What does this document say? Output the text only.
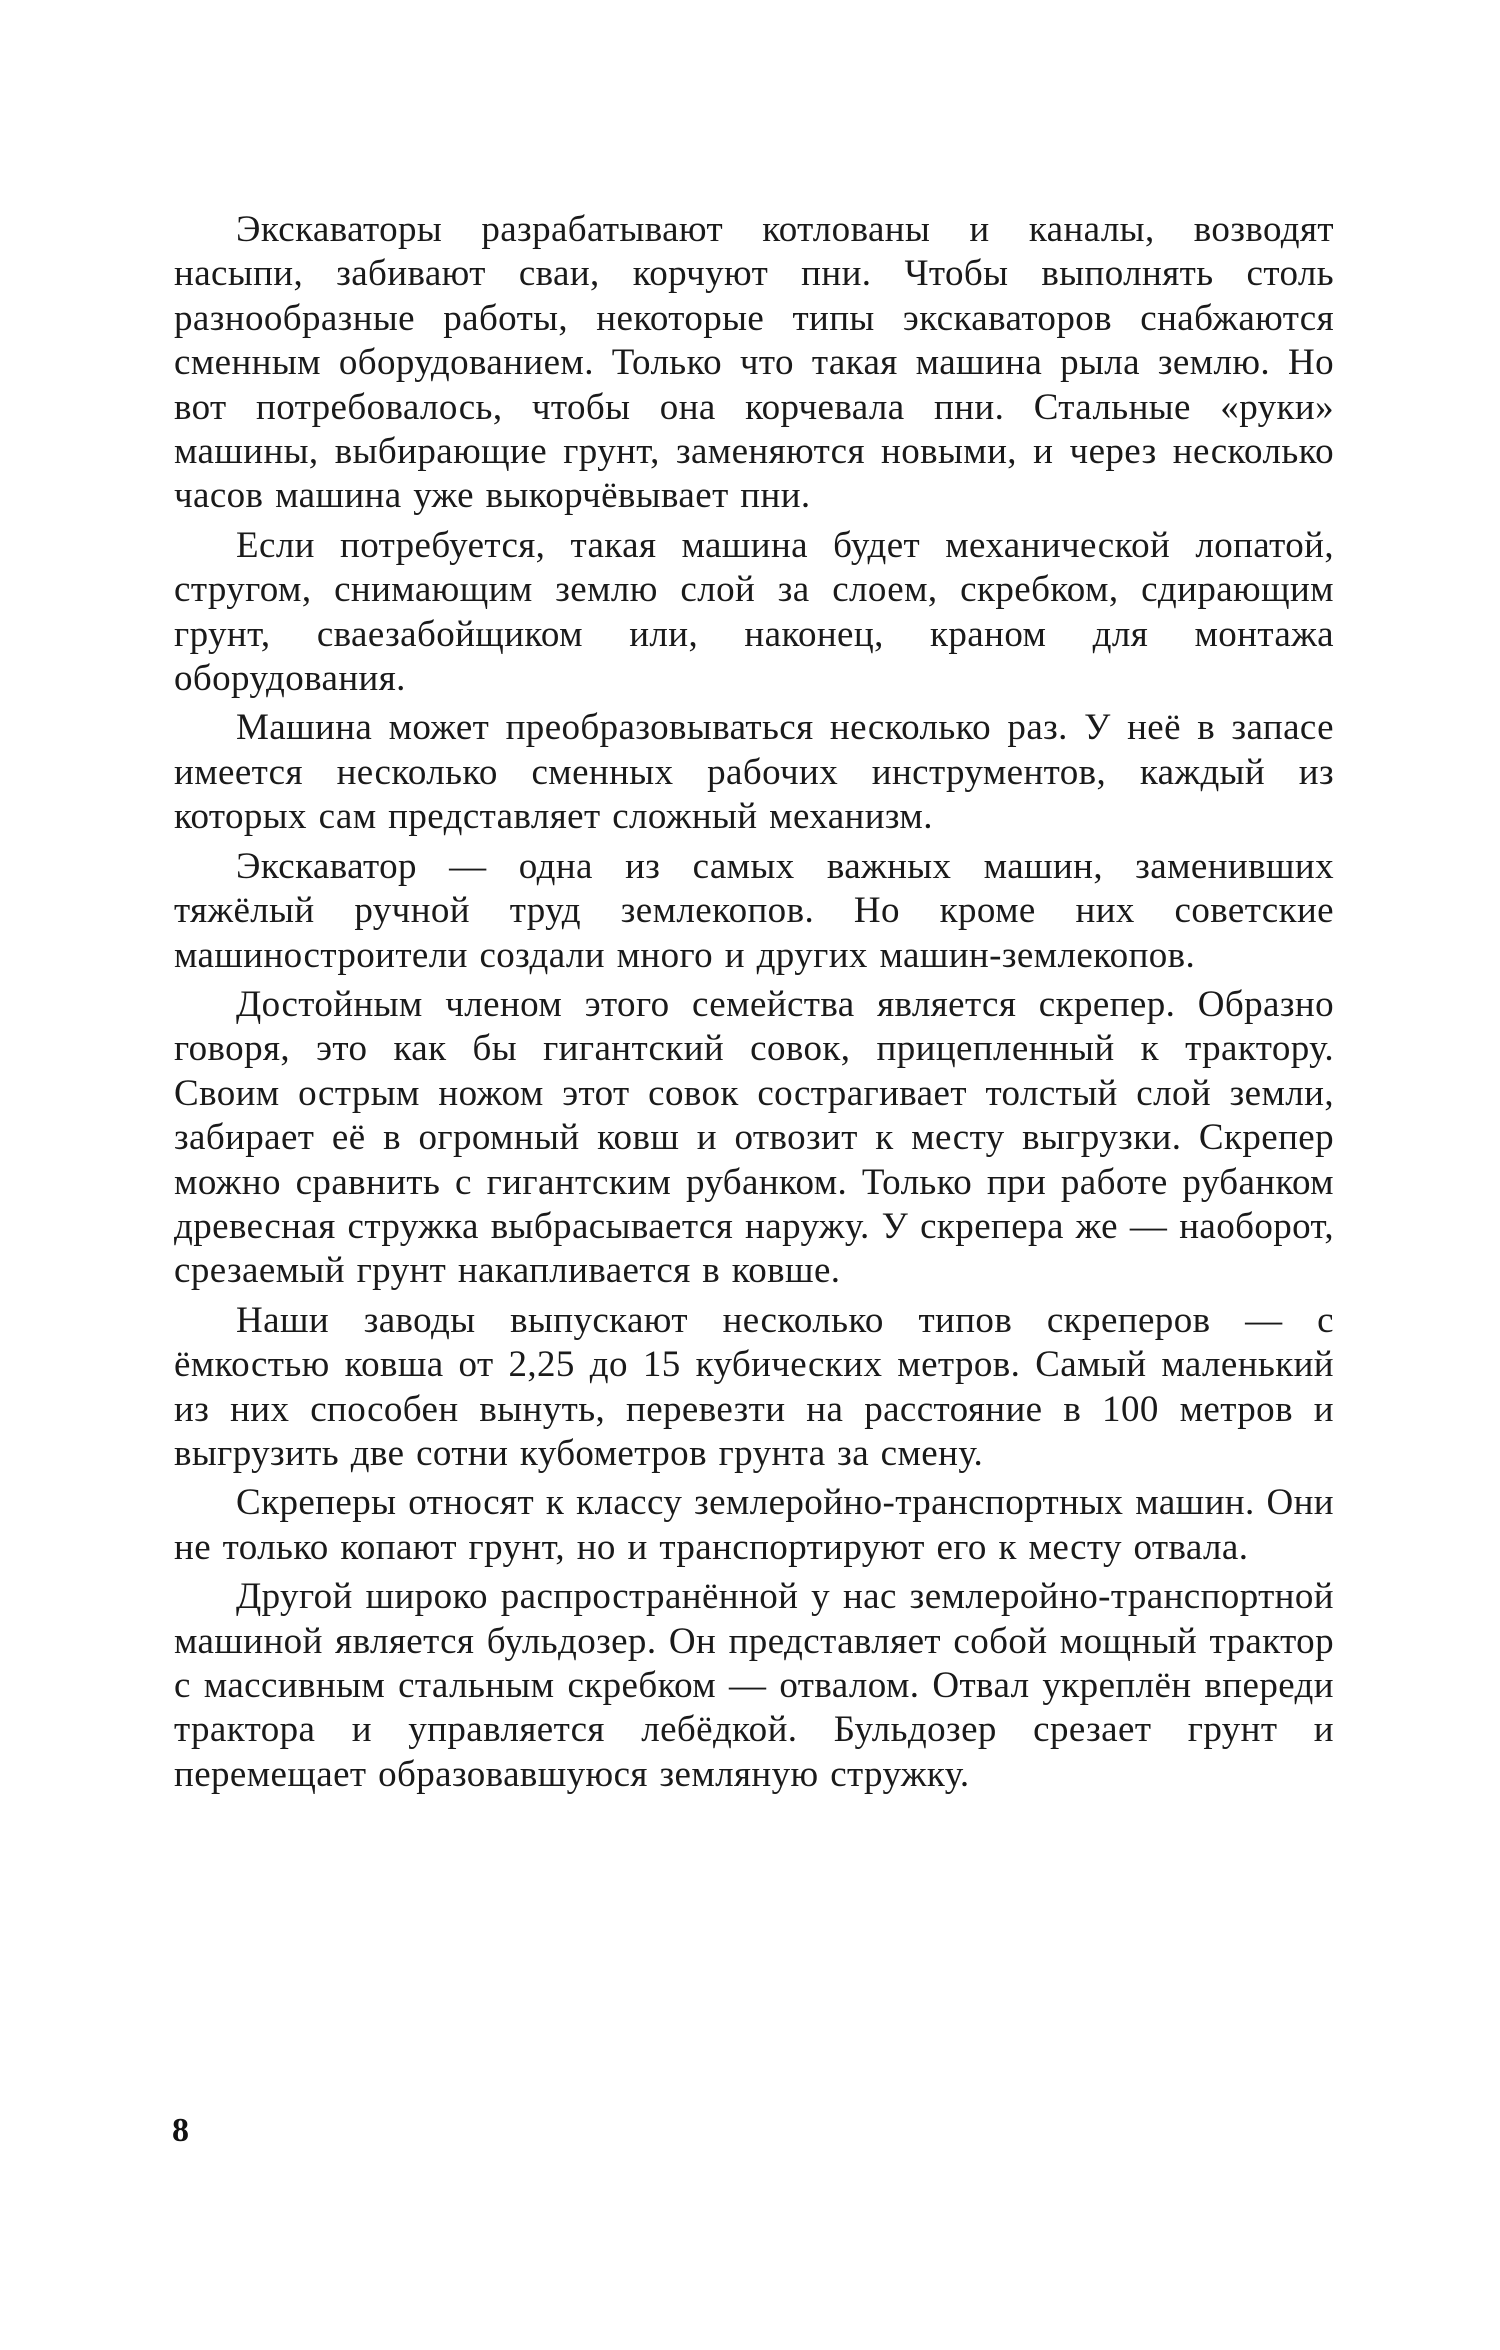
Экскаваторы разрабатывают котлованы и каналы, возводят насыпи, забивают сваи, корчуют пни. Чтобы выполнять столь разнообразные работы, некоторые типы экскаваторов снабжаются сменным оборудованием. Только что такая машина рыла землю. Но вот потребовалось, чтобы она корчевала пни. Стальные «руки» машины, выбирающие грунт, заменяются новыми, и через несколько часов машина уже выкорчёвывает пни.

Если потребуется, такая машина будет механической лопатой, стругом, снимающим землю слой за слоем, скребком, сдирающим грунт, сваезабойщиком или, наконец, краном для монтажа оборудования.

Машина может преобразовываться несколько раз. У неё в запасе имеется несколько сменных рабочих инструментов, каждый из которых сам представляет сложный механизм.

Экскаватор — одна из самых важных машин, заменивших тяжёлый ручной труд землекопов. Но кроме них советские машиностроители создали много и других машин-землекопов.

Достойным членом этого семейства является скрепер. Образно говоря, это как бы гигантский совок, прицепленный к трактору. Своим острым ножом этот совок сострагивает толстый слой земли, забирает её в огромный ковш и отвозит к месту выгрузки. Скрепер можно сравнить с гигантским рубанком. Только при работе рубанком древесная стружка выбрасывается наружу. У скрепера же — наоборот, срезаемый грунт накапливается в ковше.

Наши заводы выпускают несколько типов скреперов — с ёмкостью ковша от 2,25 до 15 кубических метров. Самый маленький из них способен вынуть, перевезти на расстояние в 100 метров и выгрузить две сотни кубометров грунта за смену.

Скреперы относят к классу землеройно-транспортных машин. Они не только копают грунт, но и транспортируют его к месту отвала.

Другой широко распространённой у нас землеройно-транспортной машиной является бульдозер. Он представляет собой мощный трактор с массивным стальным скребком — отвалом. Отвал укреплён впереди трактора и управляется лебёдкой. Бульдозер срезает грунт и перемещает образовавшуюся земляную стружку.

8
